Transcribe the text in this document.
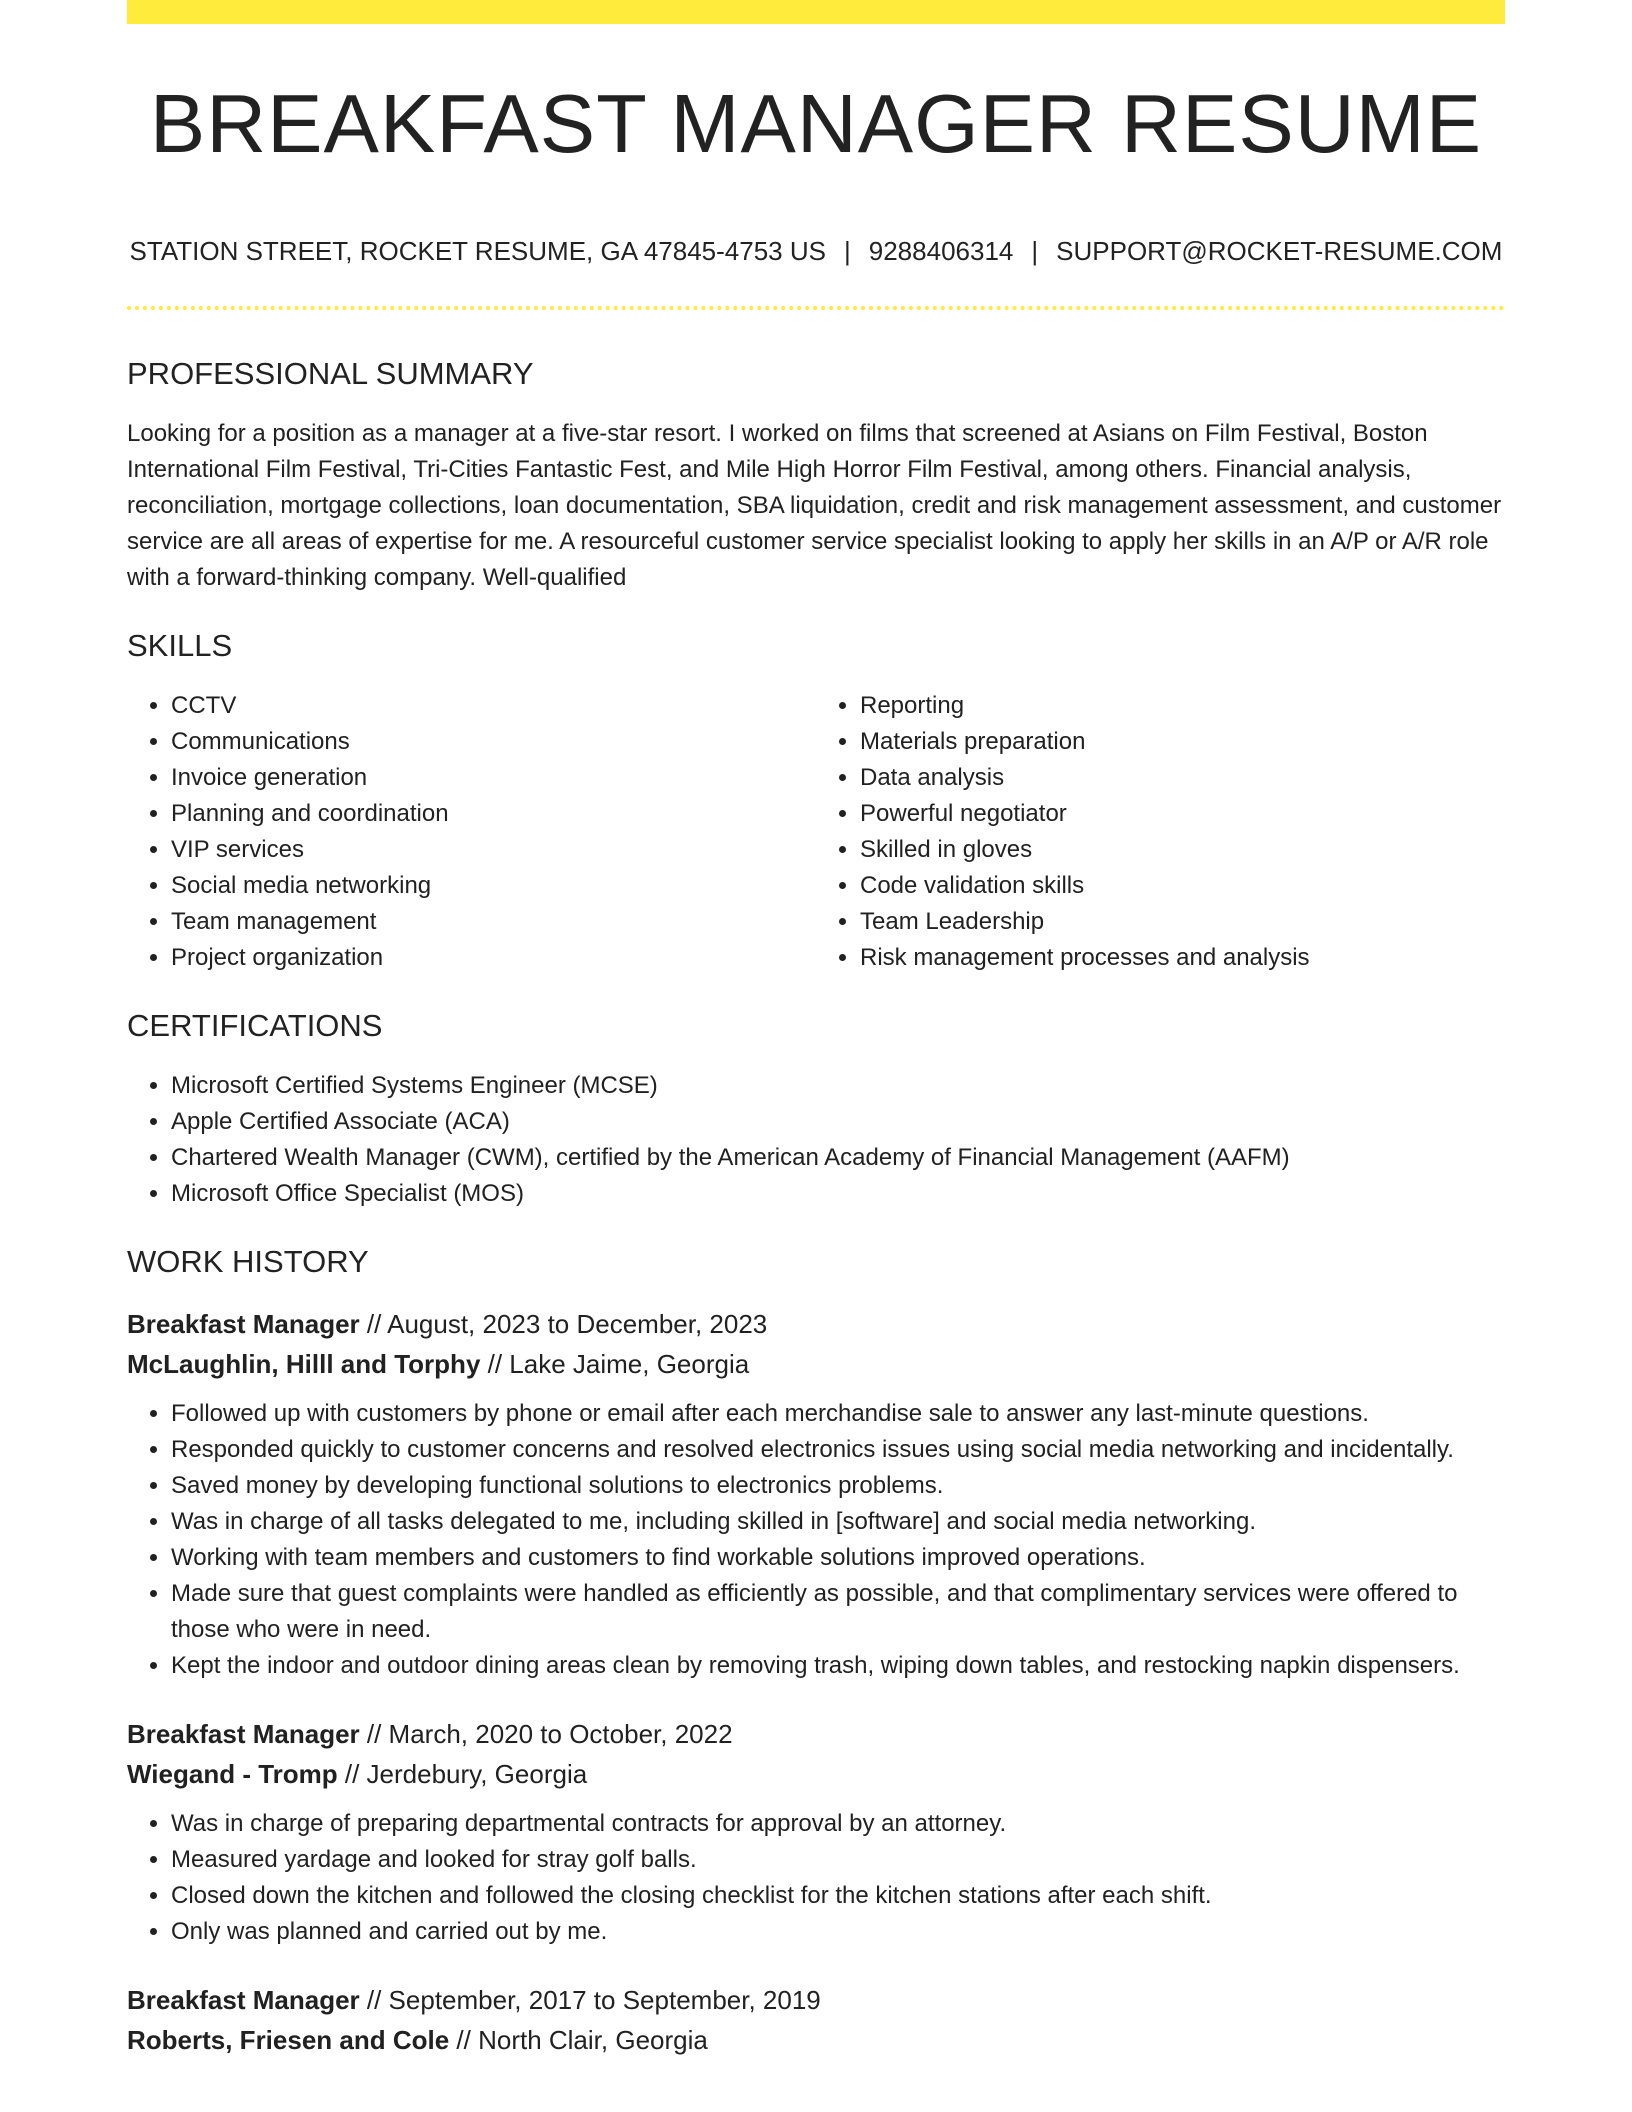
BREAKFAST MANAGER RESUME
STATION STREET, ROCKET RESUME, GA 47845-4753 US | 9288406314 | SUPPORT@ROCKET-RESUME.COM
PROFESSIONAL SUMMARY

Looking for a position as a manager at a five-star resort. I worked on films that screened at Asians on Film Festival, Boston International Film Festival, Tri-Cities Fantastic Fest, and Mile High Horror Film Festival, among others. Financial analysis, reconciliation, mortgage collections, loan documentation, SBA liquidation, credit and risk management assessment, and customer service are all areas of expertise for me. A resourceful customer service specialist looking to apply her skills in an A/P or A/R role with a forward-thinking company. Well-qualified

SKILLS
• CCTV
• Communications
• Invoice generation
• Planning and coordination
• VIP services
• Social media networking
• Team management
• Project organization
• Reporting
• Materials preparation
• Data analysis
• Powerful negotiator
• Skilled in gloves
• Code validation skills
• Team Leadership
• Risk management processes and analysis
CERTIFICATIONS
• Microsoft Certified Systems Engineer (MCSE)
• Apple Certified Associate (ACA)
• Chartered Wealth Manager (CWM), certified by the American Academy of Financial Management (AAFM)
• Microsoft Office Specialist (MOS)
WORK HISTORY
Breakfast Manager // August, 2023 to December, 2023
McLaughlin, Hilll and Torphy // Lake Jaime, Georgia
• Followed up with customers by phone or email after each merchandise sale to answer any last-minute questions.
• Responded quickly to customer concerns and resolved electronics issues using social media networking and incidentally.
• Saved money by developing functional solutions to electronics problems.
• Was in charge of all tasks delegated to me, including skilled in [software] and social media networking.
• Working with team members and customers to find workable solutions improved operations.
• Made sure that guest complaints were handled as efficiently as possible, and that complimentary services were offered to those who were in need.
• Kept the indoor and outdoor dining areas clean by removing trash, wiping down tables, and restocking napkin dispensers.
Breakfast Manager // March, 2020 to October, 2022
Wiegand - Tromp // Jerdebury, Georgia
• Was in charge of preparing departmental contracts for approval by an attorney.
• Measured yardage and looked for stray golf balls.
• Closed down the kitchen and followed the closing checklist for the kitchen stations after each shift.
• Only was planned and carried out by me.
Breakfast Manager // September, 2017 to September, 2019
Roberts, Friesen and Cole // North Clair, Georgia
